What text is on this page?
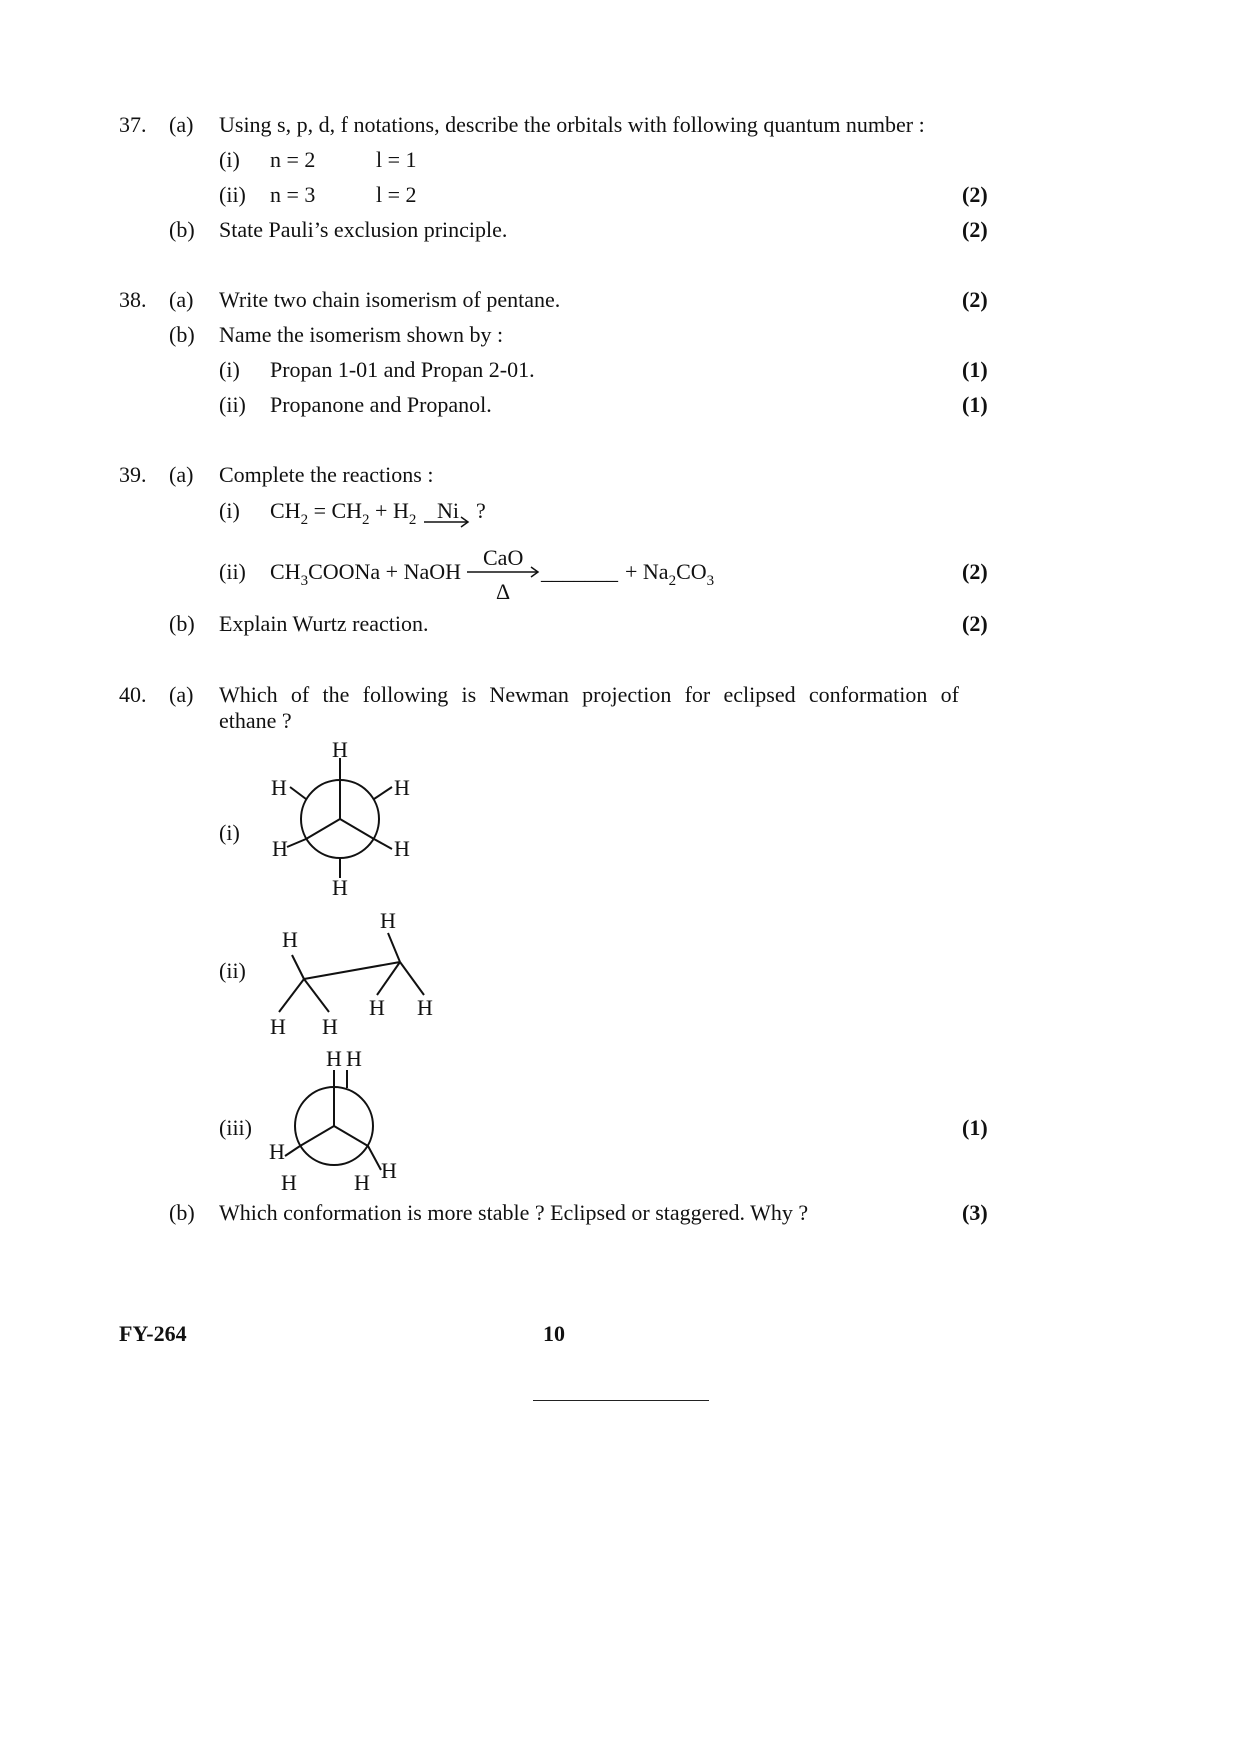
37. (a) Using s, p, d, f notations, describe the orbitals with following quantum number :
(i) n = 2	l = 1
(ii) n = 3	l = 2	(2)
(b) State Pauli’s exclusion principle.	(2)
38. (a) Write two chain isomerism of pentane.	(2)
(b) Name the isomerism shown by :
(i) Propan 1-01 and Propan 2-01.	(1)
(ii) Propanone and Propanol.	(1)
39. (a) Complete the reactions :
(i) $CH_2 = CH_2 + H_2$ Ni ?
(ii) $CH_3COONa$ + NaOH
CaO
Δ
_______ + $Na_2CO_3$	(2)
(b) Explain Wurtz reaction.	(2)
40. (a) Which of the following is Newman projection for eclipsed conformation of
ethane ?
(i)
(ii)
(iii)	(1)
H
H	H
H	H
H
H
H
H H
H H
H H
H
H
H	H
(b) Which conformation is more stable ? Eclipsed or staggered. Why ?	(3)
FY-264	10
